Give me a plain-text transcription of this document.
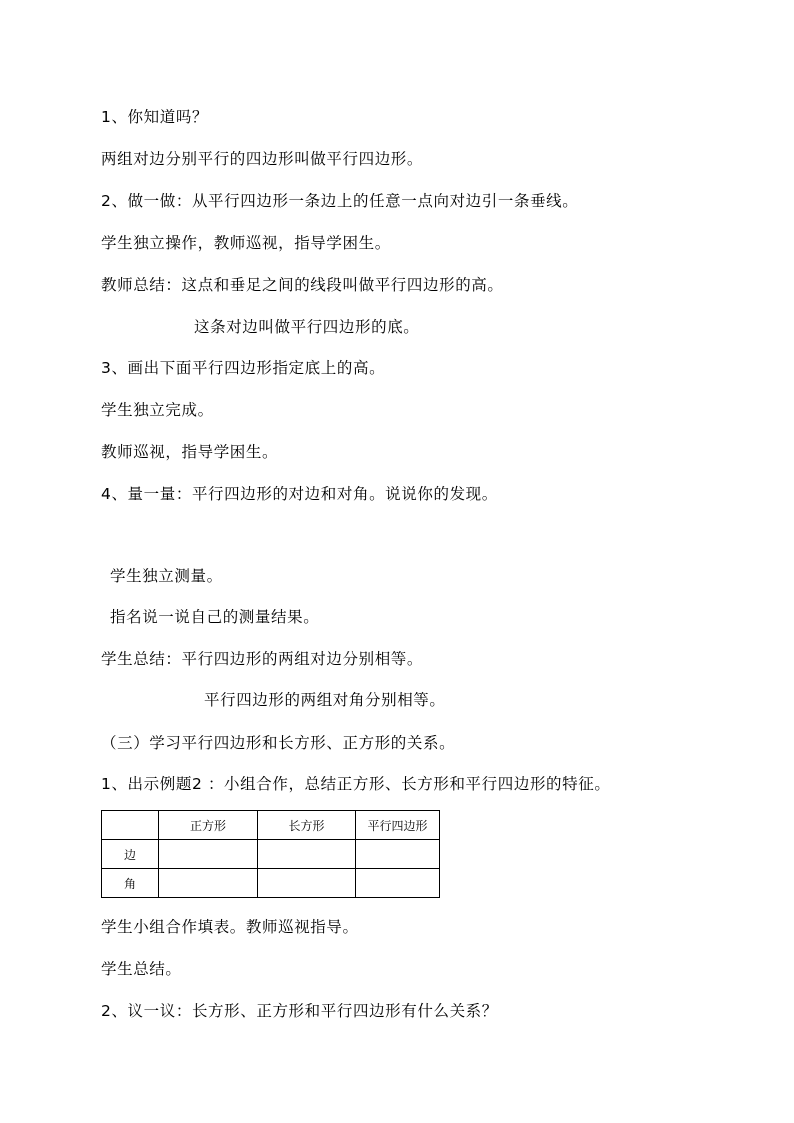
1、你知道吗？
两组对边分别平行的四边形叫做平行四边形。
2、做一做：从平行四边形一条边上的任意一点向对边引一条垂线。
学生独立操作，教师巡视，指导学困生。
教师总结：这点和垂足之间的线段叫做平行四边形的高。
这条对边叫做平行四边形的底。
3、画出下面平行四边形指定底上的高。
学生独立完成。
教师巡视，指导学困生。
4、量一量：平行四边形的对边和对角。说说你的发现。
学生独立测量。
指名说一说自己的测量结果。
学生总结：平行四边形的两组对边分别相等。
平行四边形的两组对角分别相等。
（三）学习平行四边形和长方形、正方形的关系。
1、出示例题2 ：小组合作，总结正方形、长方形和平行四边形的特征。
	正方形	长方形	平行四边形
边			
角			
学生小组合作填表。教师巡视指导。
学生总结。
2、议一议：长方形、正方形和平行四边形有什么关系？
